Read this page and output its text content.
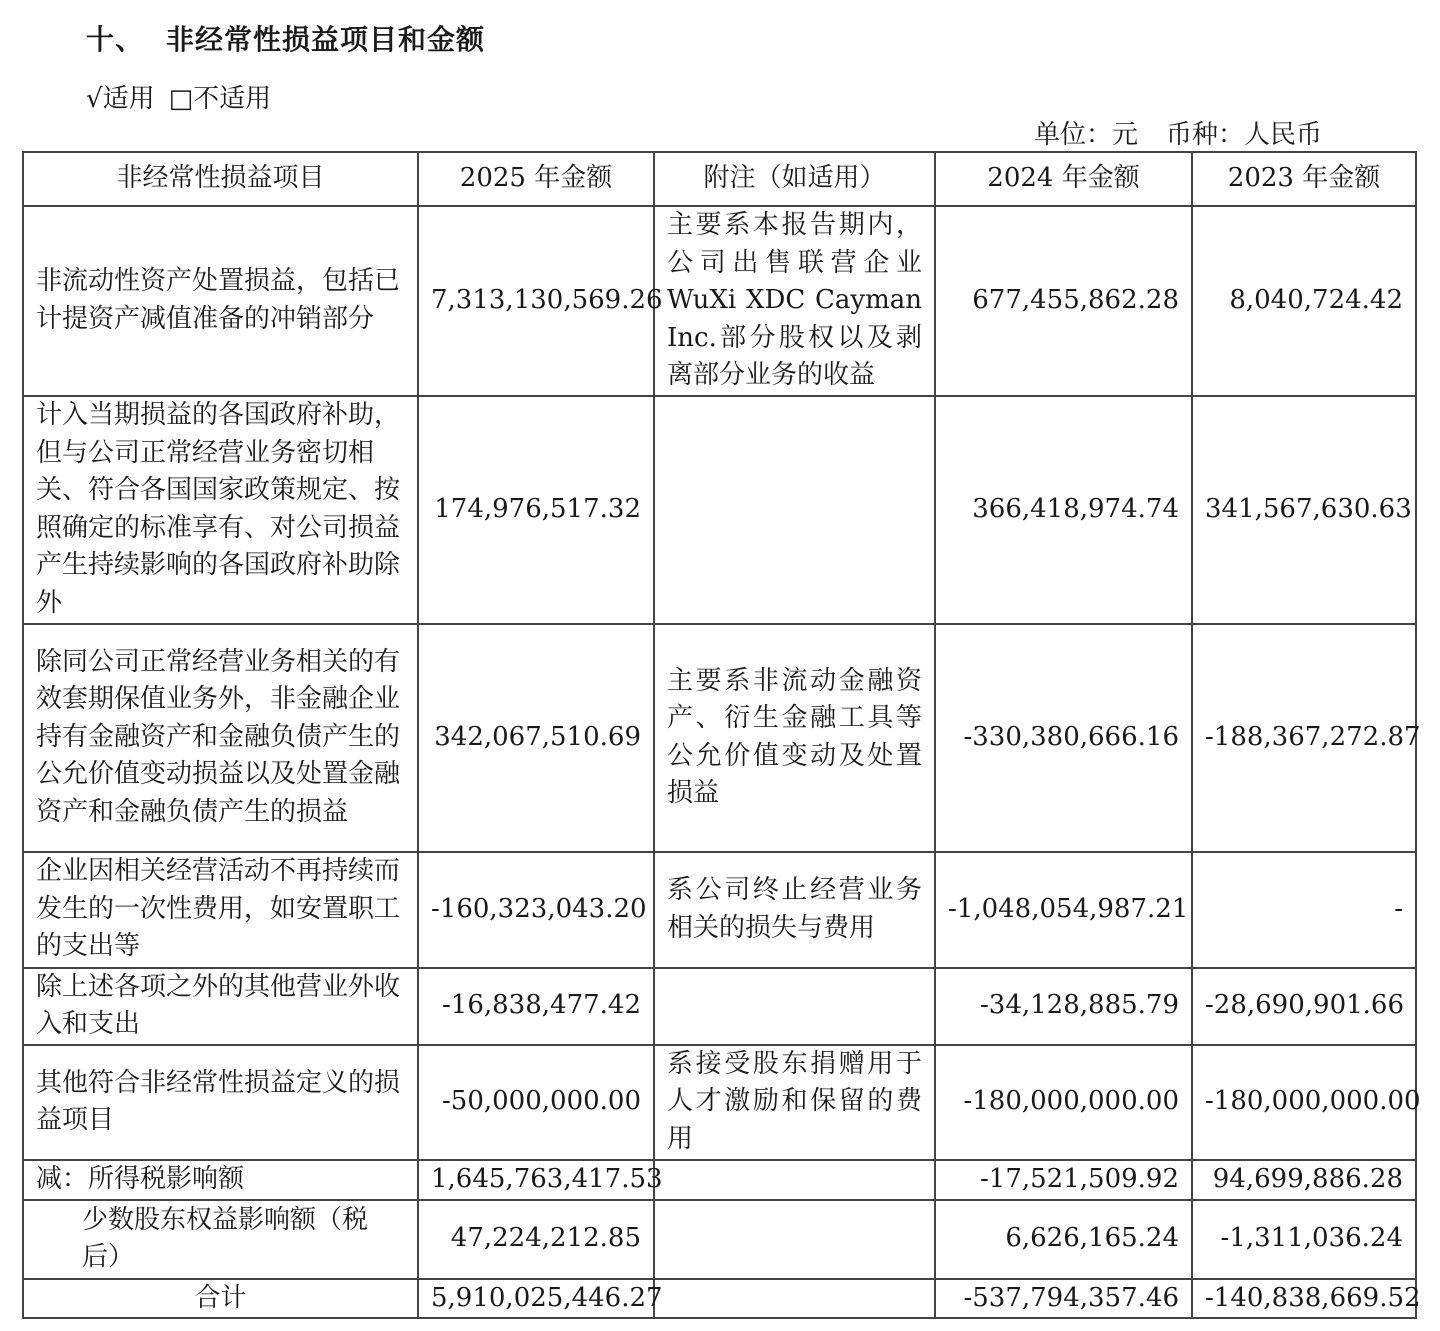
十、 非经常性损益项目和金额
√适用 □不适用
单位：元 币种：人民币
非经常性损益项目	2025 年金额	附注（如适用）	2024 年金额	2023 年金额
非流动性资产处置损益，包括已计提资产减值准备的冲销部分	7,313,130,569.26	主要系本报告期内，公司出售联营企业WuXi XDC Cayman Inc.部分股权以及剥离部分业务的收益	677,455,862.28	8,040,724.42
计入当期损益的各国政府补助，但与公司正常经营业务密切相关、符合各国国家政策规定、按照确定的标准享有、对公司损益产生持续影响的各国政府补助除外	174,976,517.32		366,418,974.74	341,567,630.63
除同公司正常经营业务相关的有效套期保值业务外，非金融企业持有金融资产和金融负债产生的公允价值变动损益以及处置金融资产和金融负债产生的损益	342,067,510.69	主要系非流动金融资产、衍生金融工具等公允价值变动及处置损益	-330,380,666.16	-188,367,272.87
企业因相关经营活动不再持续而发生的一次性费用，如安置职工的支出等	-160,323,043.20	系公司终止经营业务相关的损失与费用	-1,048,054,987.21	-
除上述各项之外的其他营业外收入和支出	-16,838,477.42		-34,128,885.79	-28,690,901.66
其他符合非经常性损益定义的损益项目	-50,000,000.00	系接受股东捐赠用于人才激励和保留的费用	-180,000,000.00	-180,000,000.00
减：所得税影响额	1,645,763,417.53		-17,521,509.92	94,699,886.28
少数股东权益影响额（税后）	47,224,212.85		6,626,165.24	-1,311,036.24
合计	5,910,025,446.27		-537,794,357.46	-140,838,669.52
